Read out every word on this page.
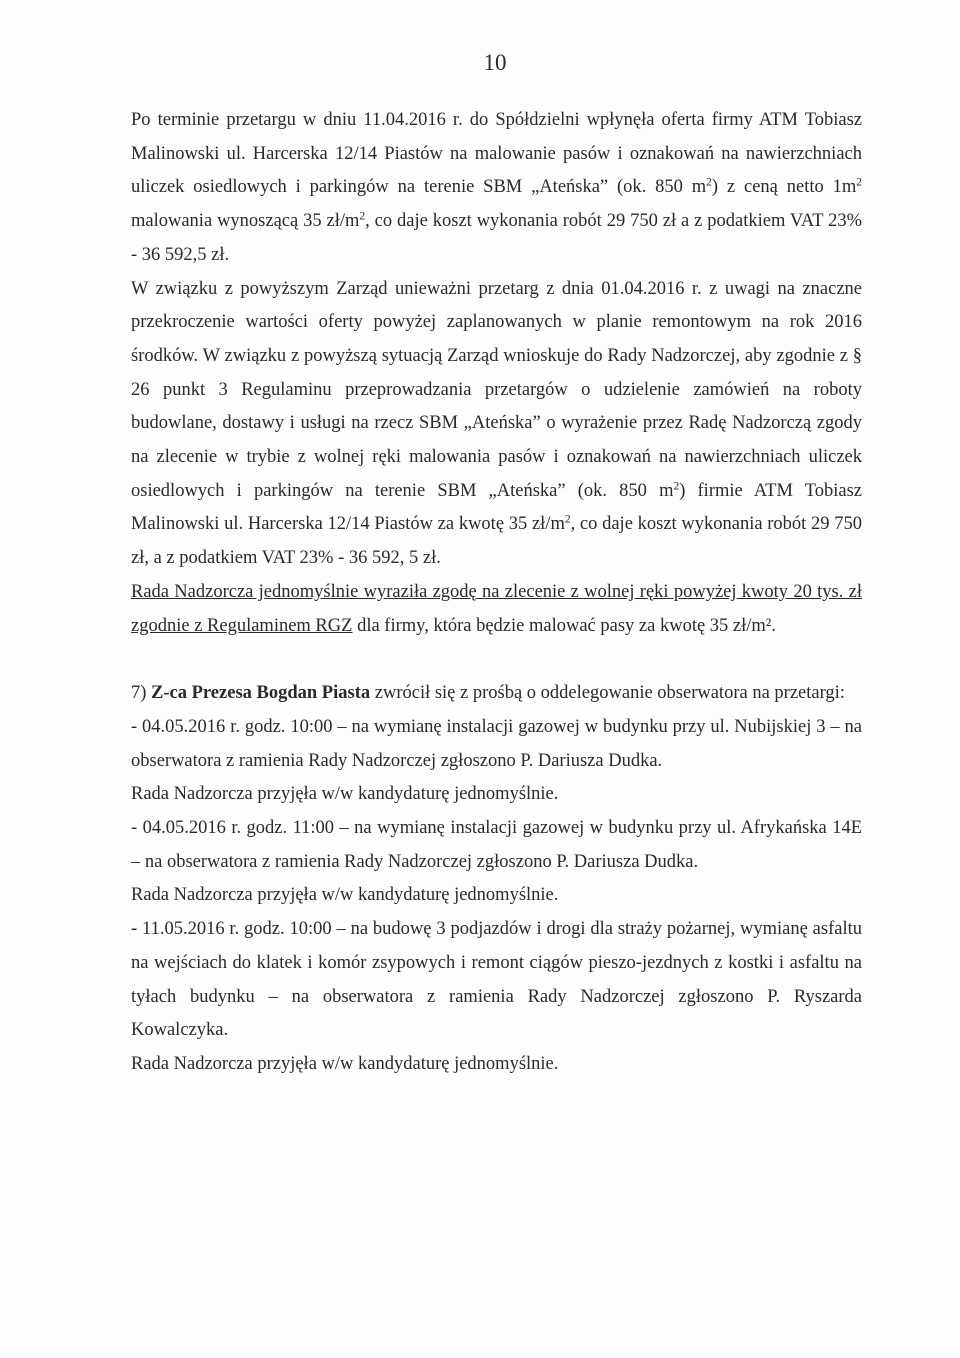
10

Po terminie przetargu w dniu 11.04.2016 r. do Spółdzielni wpłynęła oferta firmy ATM Tobiasz Malinowski ul. Harcerska 12/14 Piastów na malowanie pasów i oznakowań na nawierzchniach uliczek osiedlowych i parkingów na terenie SBM „Ateńska” (ok. 850 $m^2$) z ceną netto $1m^2$ malowania wynoszącą 35 $zł/m^2$, co daje koszt wykonania robót 29 750 zł a z podatkiem VAT 23% - 36 592,5 zł.

W związku z powyższym Zarząd unieważni przetarg z dnia 01.04.2016 r. z uwagi na znaczne przekroczenie wartości oferty powyżej zaplanowanych w planie remontowym na rok 2016 środków. W związku z powyższą sytuacją Zarząd wnioskuje do Rady Nadzorczej, aby zgodnie z § 26 punkt 3 Regulaminu przeprowadzania przetargów o udzielenie zamówień na roboty budowlane, dostawy i usługi na rzecz SBM „Ateńska” o wyrażenie przez Radę Nadzorczą zgody na zlecenie w trybie z wolnej ręki malowania pasów i oznakowań na nawierzchniach uliczek osiedlowych i parkingów na terenie SBM „Ateńska” (ok. 850 $m^2$) firmie ATM Tobiasz Malinowski ul. Harcerska 12/14 Piastów za kwotę 35 $zł/m^2$, co daje koszt wykonania robót 29 750 zł, a z podatkiem VAT 23% - 36 592, 5 zł.

Rada Nadzorcza jednomyślnie wyraziła zgodę na zlecenie z wolnej ręki powyżej kwoty 20 tys. zł zgodnie z Regulaminem RGZ dla firmy, która będzie malować pasy za kwotę 35 zł/m².

7) Z-ca Prezesa Bogdan Piasta zwrócił się z prośbą o oddelegowanie obserwatora na przetargi:

- 04.05.2016 r. godz. 10:00 – na wymianę instalacji gazowej w budynku przy ul. Nubijskiej 3 – na obserwatora z ramienia Rady Nadzorczej zgłoszono P. Dariusza Dudka.

Rada Nadzorcza przyjęła w/w kandydaturę jednomyślnie.

- 04.05.2016 r. godz. 11:00 – na wymianę instalacji gazowej w budynku przy ul. Afrykańska 14E – na obserwatora z ramienia Rady Nadzorczej zgłoszono P. Dariusza Dudka.

Rada Nadzorcza przyjęła w/w kandydaturę jednomyślnie.

- 11.05.2016 r. godz. 10:00 – na budowę 3 podjazdów i drogi dla straży pożarnej, wymianę asfaltu na wejściach do klatek i komór zsypowych i remont ciągów pieszo-jezdnych z kostki i asfaltu na tyłach budynku – na obserwatora z ramienia Rady Nadzorczej zgłoszono P. Ryszarda Kowalczyka.

Rada Nadzorcza przyjęła w/w kandydaturę jednomyślnie.
